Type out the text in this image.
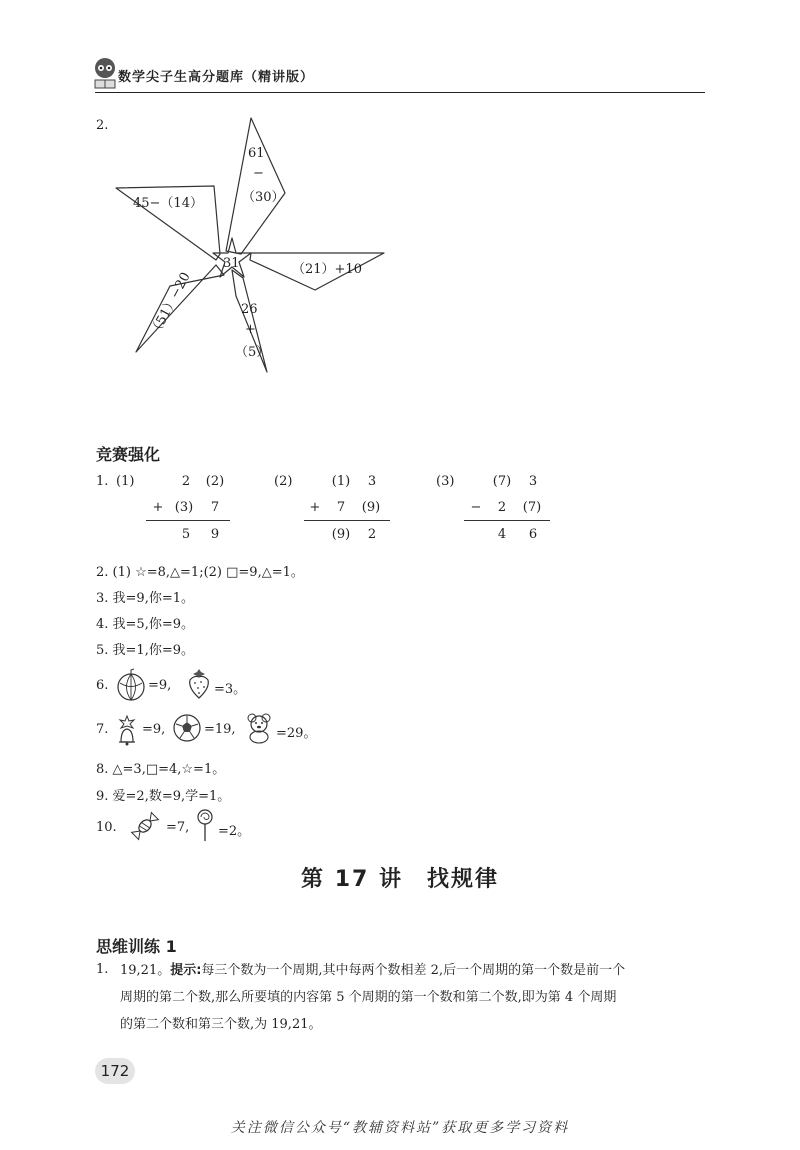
数学尖子生高分题库（精讲版）
2.
31
61
−
（30）
45−（14）
（21）+10
（51）−20	26
+
（5）
竞赛强化
1. (1)	2	(2)
+ (3)	7
5	9
(2)	(1)	3
+	7	(9)
(9)	2
(3)	(7)	3
−	2	(7)
4	6
2. (1) ☆=8,△=1;(2) □=9,△=1。
3. 我=9,你=1。
4. 我=5,你=9。
5. 我=1,你=9。
6.	=9,	=3。
7.	=9,	=19,	=29。
8. △=3,□=4,☆=1。
9. 爱=2,数=9,学=1。
10.	=7, =2。
第 17 讲　找规律
思维训练 1
1. 19,21。提示:每三个数为一个周期,其中每两个数相差 2,后一个周期的第一个数是前一个
周期的第二个数,那么所要填的内容第 5 个周期的第一个数和第二个数,即为第 4 个周期
的第二个数和第三个数,为 19,21。
172
关注微信公众号“教辅资料站”获取更多学习资料
